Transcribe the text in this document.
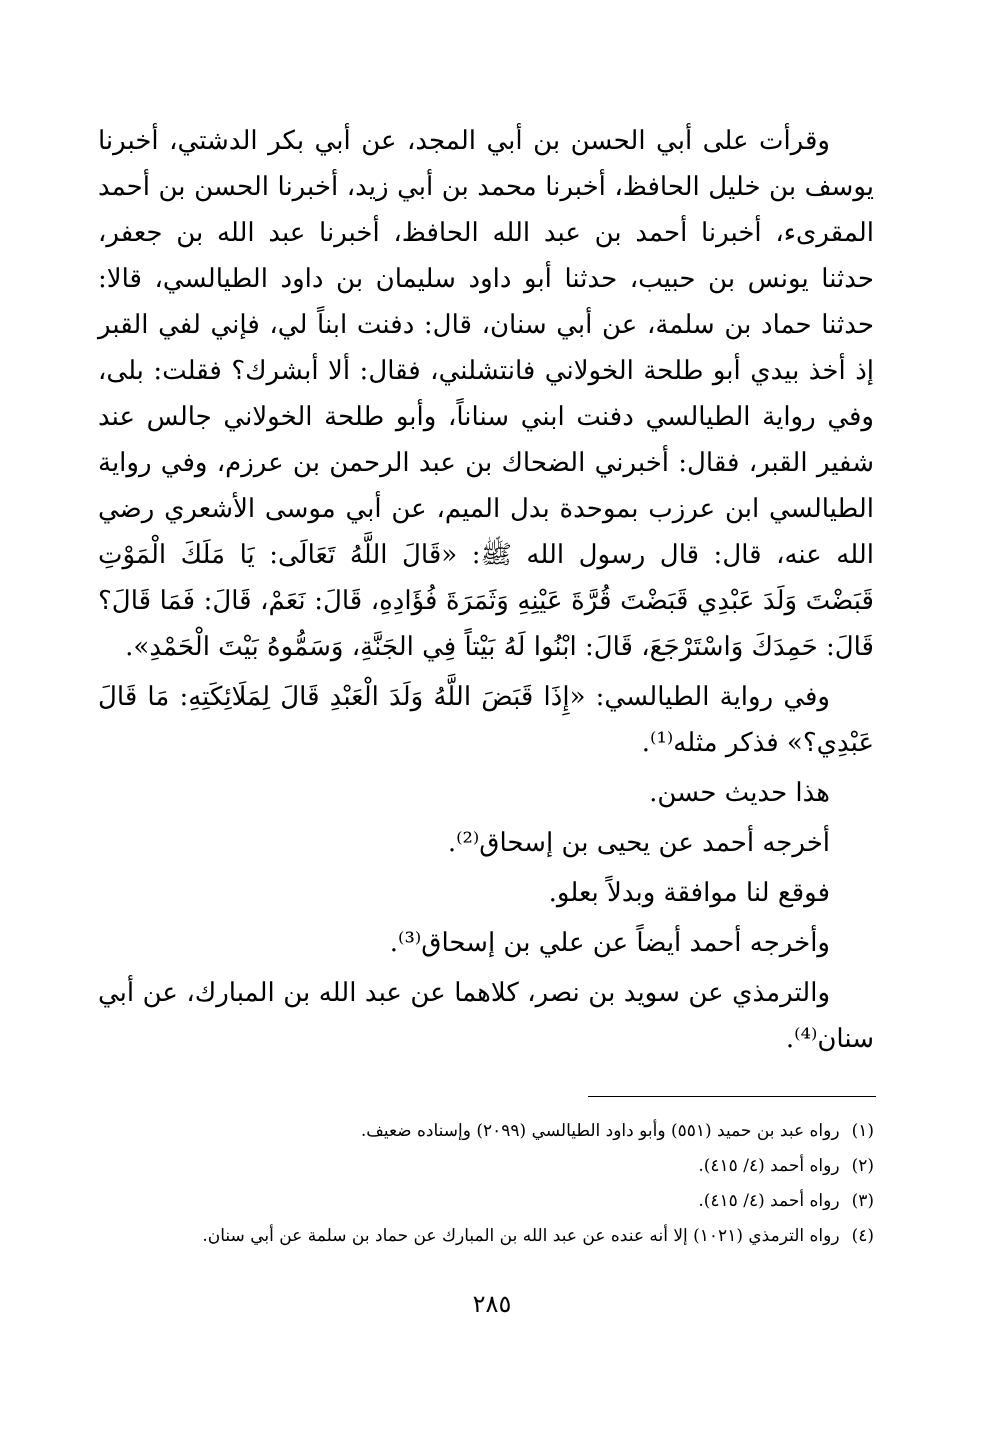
وقرأت على أبي الحسن بن أبي المجد، عن أبي بكر الدشتي، أخبرنا يوسف بن خليل الحافظ، أخبرنا محمد بن أبي زيد، أخبرنا الحسن بن أحمد المقرىء، أخبرنا أحمد بن عبد الله الحافظ، أخبرنا عبد الله بن جعفر، حدثنا يونس بن حبيب، حدثنا أبو داود سليمان بن داود الطيالسي، قالا: حدثنا حماد بن سلمة، عن أبي سنان، قال: دفنت ابناً لي، فإني لفي القبر إذ أخذ بيدي أبو طلحة الخولاني فانتشلني، فقال: ألا أبشرك؟ فقلت: بلى، وفي رواية الطيالسي دفنت ابني سناناً، وأبو طلحة الخولاني جالس عند شفير القبر، فقال: أخبرني الضحاك بن عبد الرحمن بن عرزم، وفي رواية الطيالسي ابن عرزب بموحدة بدل الميم، عن أبي موسى الأشعري رضي الله عنه، قال: قال رسول الله ﷺ: «قَالَ اللَّهُ تَعَالَى: يَا مَلَكَ الْمَوْتِ قَبَضْتَ وَلَدَ عَبْدِي قَبَضْتَ قُرَّةَ عَيْنِهِ وَثَمَرَةَ فُؤَادِهِ، قَالَ: نَعَمْ، قَالَ: فَمَا قَالَ؟ قَالَ: حَمِدَكَ وَاسْتَرْجَعَ، قَالَ: ابْنُوا لَهُ بَيْتاً فِي الجَنَّةِ، وَسَمُّوهُ بَيْتَ الْحَمْدِ».

وفي رواية الطيالسي: «إِذَا قَبَضَ اللَّهُ وَلَدَ الْعَبْدِ قَالَ لِمَلَائِكَتِهِ: مَا قَالَ عَبْدِي؟» فذكر مثله⁽¹⁾.

هذا حديث حسن.

أخرجه أحمد عن يحيى بن إسحاق⁽²⁾.

فوقع لنا موافقة وبدلاً بعلو.

وأخرجه أحمد أيضاً عن علي بن إسحاق⁽³⁾.

والترمذي عن سويد بن نصر، كلاهما عن عبد الله بن المبارك، عن أبي سنان⁽⁴⁾.

(١)رواه عبد بن حميد (٥٥١) وأبو داود الطيالسي (٢٠٩٩) وإسناده ضعيف.

(٢)رواه أحمد (٤/ ٤١٥).

(٣)رواه أحمد (٤/ ٤١٥).

(٤)رواه الترمذي (١٠٢١) إلا أنه عنده عن عبد الله بن المبارك عن حماد بن سلمة عن أبي سنان.

٢٨٥
